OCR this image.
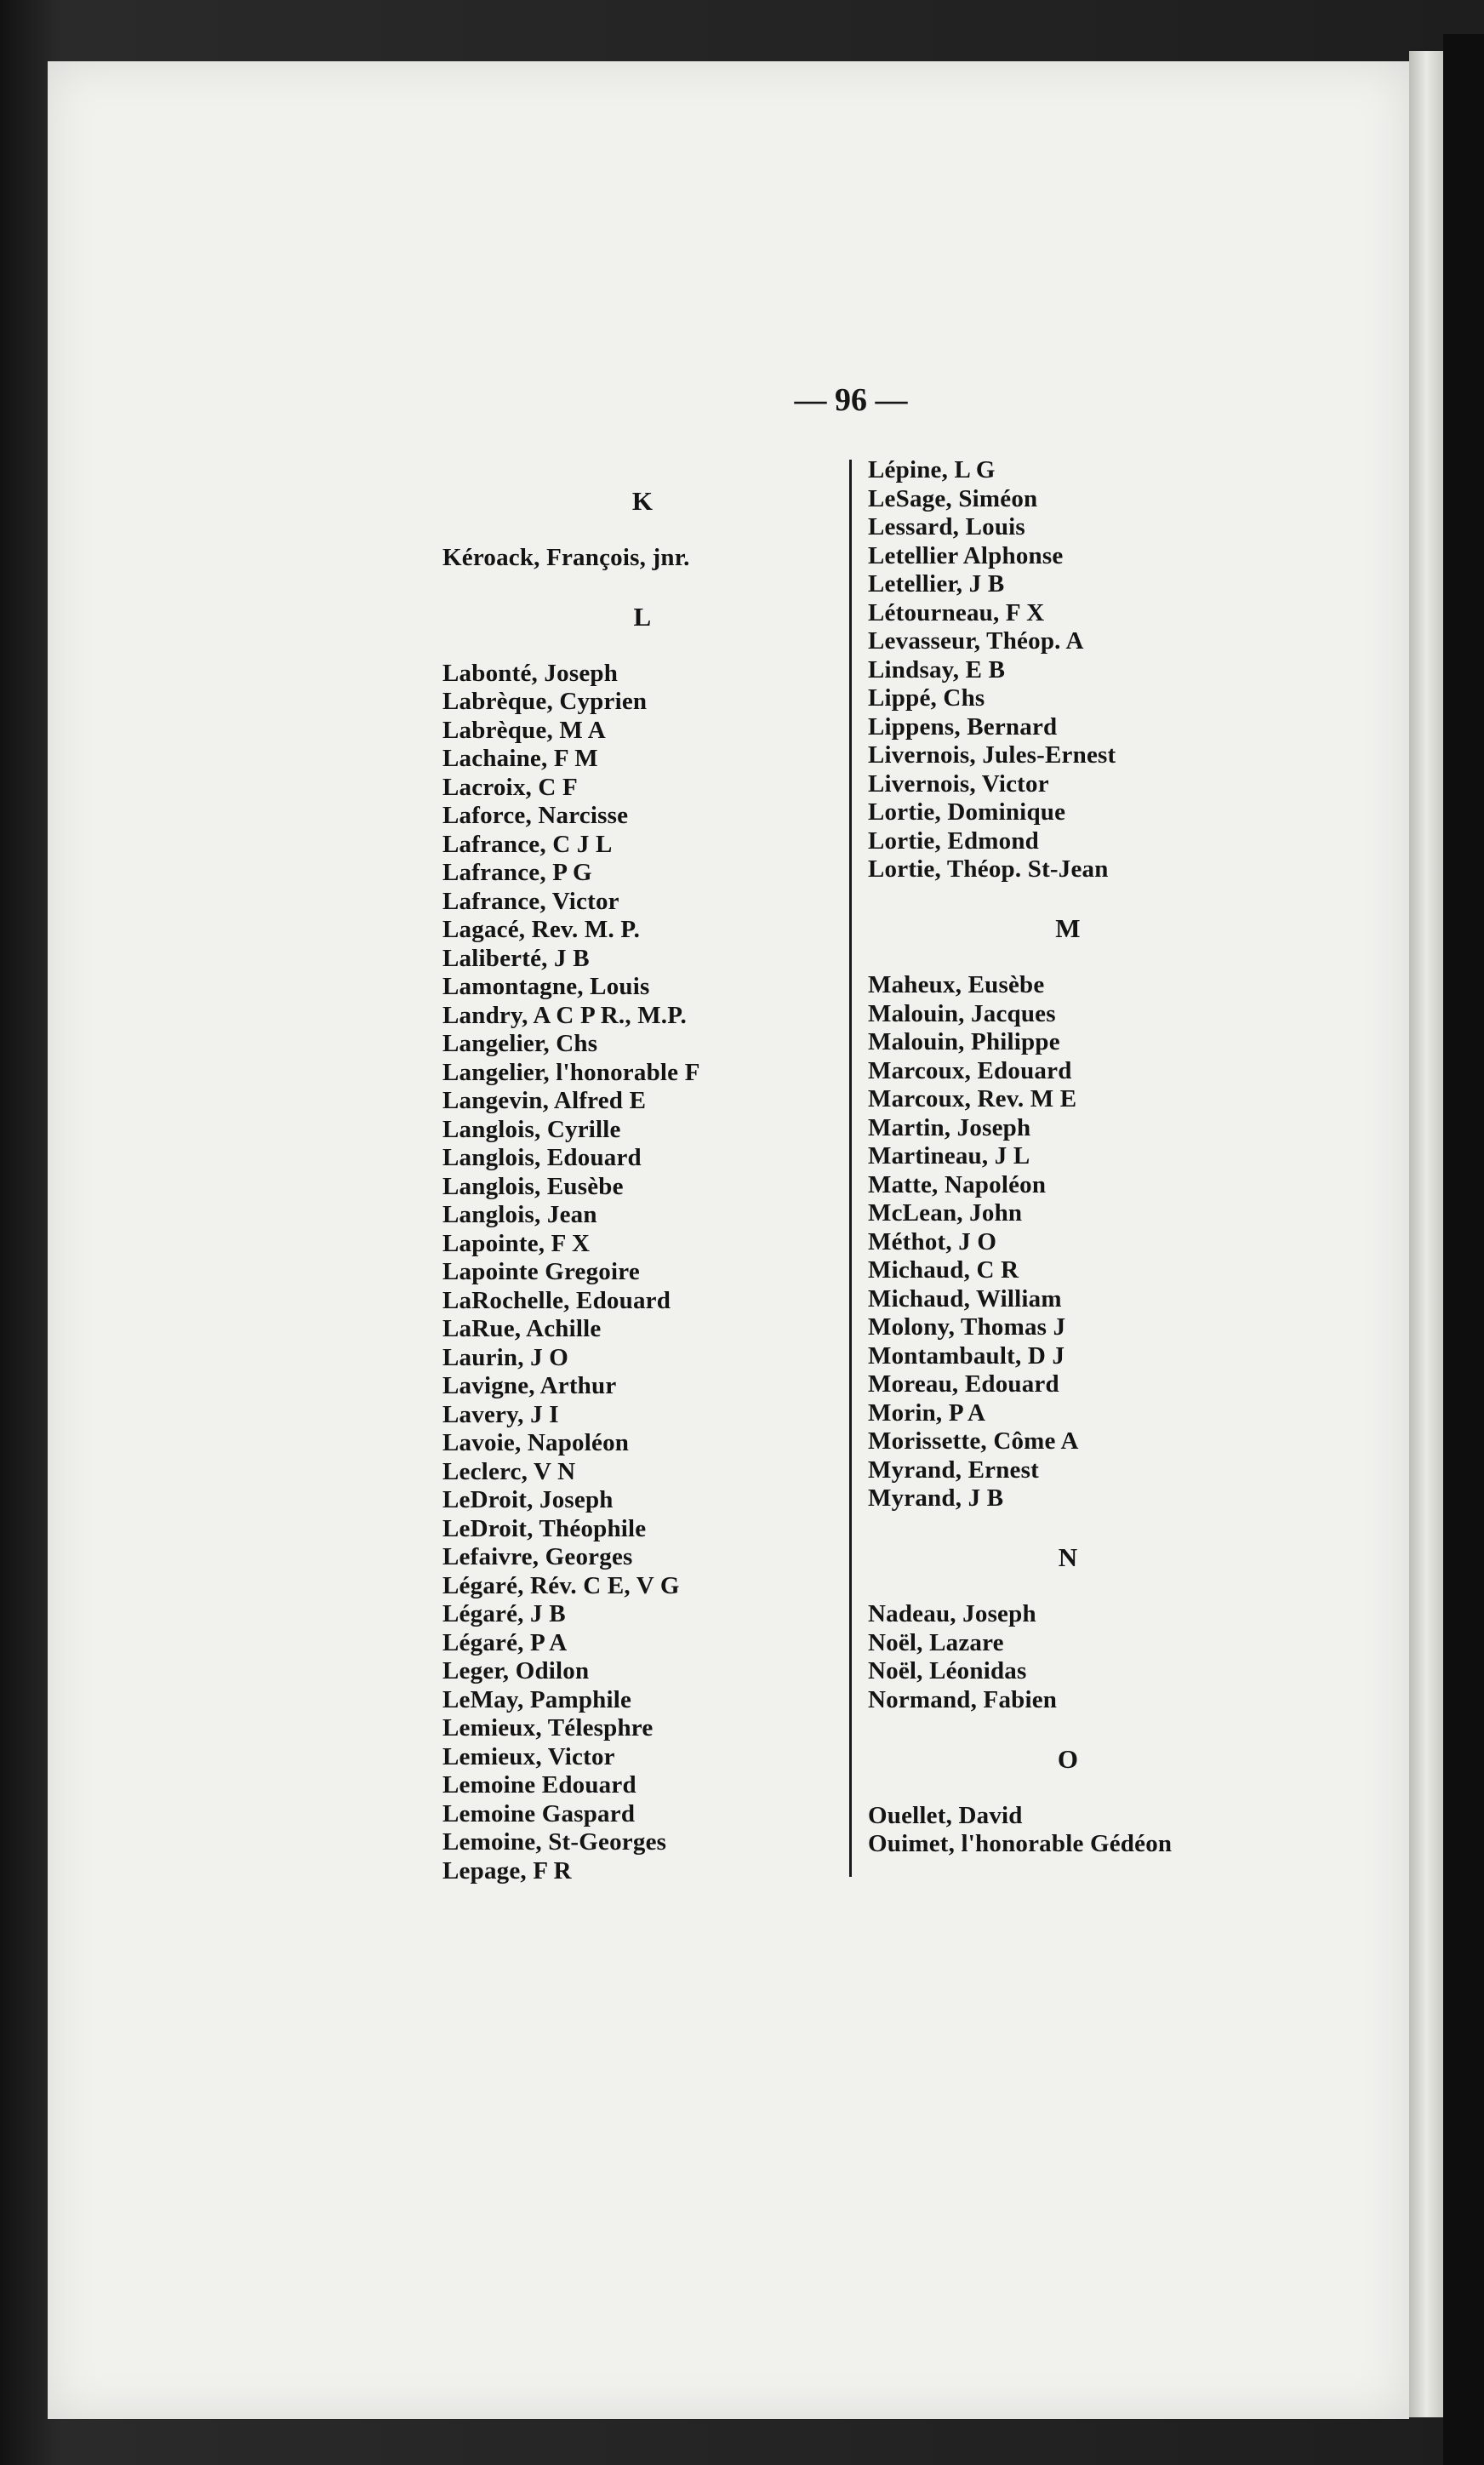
— 96 —
K
Kéroack, François, jnr.
L
Labonté, Joseph
Labrèque, Cyprien
Labrèque, M A
Lachaine, F M
Lacroix, C F
Laforce, Narcisse
Lafrance, C J L
Lafrance, P G
Lafrance, Victor
Lagacé, Rev. M. P.
Laliberté, J B
Lamontagne, Louis
Landry, A C P R., M.P.
Langelier, Chs
Langelier, l'honorable F
Langevin, Alfred E
Langlois, Cyrille
Langlois, Edouard
Langlois, Eusèbe
Langlois, Jean
Lapointe, F X
Lapointe Gregoire
LaRochelle, Edouard
LaRue, Achille
Laurin, J O
Lavigne, Arthur
Lavery, J I
Lavoie, Napoléon
Leclerc, V N
LeDroit, Joseph
LeDroit, Théophile
Lefaivre, Georges
Légaré, Rév. C E, V G
Légaré, J B
Légaré, P A
Leger, Odilon
LeMay, Pamphile
Lemieux, Télesphre
Lemieux, Victor
Lemoine Edouard
Lemoine Gaspard
Lemoine, St-Georges
Lepage, F R
Lépine, L G
LeSage, Siméon
Lessard, Louis
Letellier Alphonse
Letellier, J B
Létourneau, F X
Levasseur, Théop. A
Lindsay, E B
Lippé, Chs
Lippens, Bernard
Livernois, Jules-Ernest
Livernois, Victor
Lortie, Dominique
Lortie, Edmond
Lortie, Théop. St-Jean
M
Maheux, Eusèbe
Malouin, Jacques
Malouin, Philippe
Marcoux, Edouard
Marcoux, Rev. M E
Martin, Joseph
Martineau, J L
Matte, Napoléon
McLean, John
Méthot, J O
Michaud, C R
Michaud, William
Molony, Thomas J
Montambault, D J
Moreau, Edouard
Morin, P A
Morissette, Côme A
Myrand, Ernest
Myrand, J B
N
Nadeau, Joseph
Noël, Lazare
Noël, Léonidas
Normand, Fabien
O
Ouellet, David
Ouimet, l'honorable Gédéon
